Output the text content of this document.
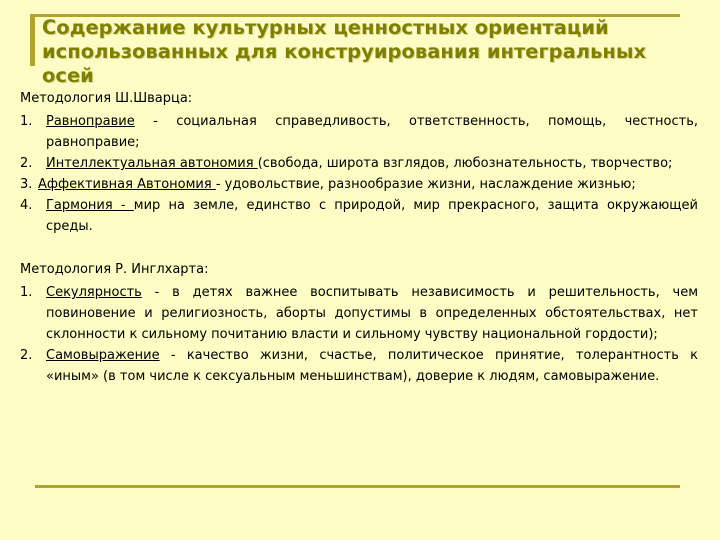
Содержание культурных ценностных ориентаций
использованных для конструирования интегральных осей

Методология Ш.Шварца:

1. Равноправие - социальная справедливость, ответственность, помощь, честность, равноправие;

2. Интеллектуальная автономия (свобода, широта взглядов, любознательность, творчество;

3. Аффективная Автономия - удовольствие, разнообразие жизни, наслаждение жизнью;

4. Гармония - мир на земле, единство с природой, мир прекрасного, защита окружающей среды.

Методология Р. Инглхарта:

1. Секулярность - в детях важнее воспитывать независимость и решительность, чем повиновение и религиозность, аборты допустимы в определенных обстоятельствах, нет склонности к сильному почитанию власти и сильному чувству национальной гордости);

2. Самовыражение - качество жизни, счастье, политическое принятие, толерантность к «иным» (в том числе к сексуальным меньшинствам), доверие к людям, самовыражение.
